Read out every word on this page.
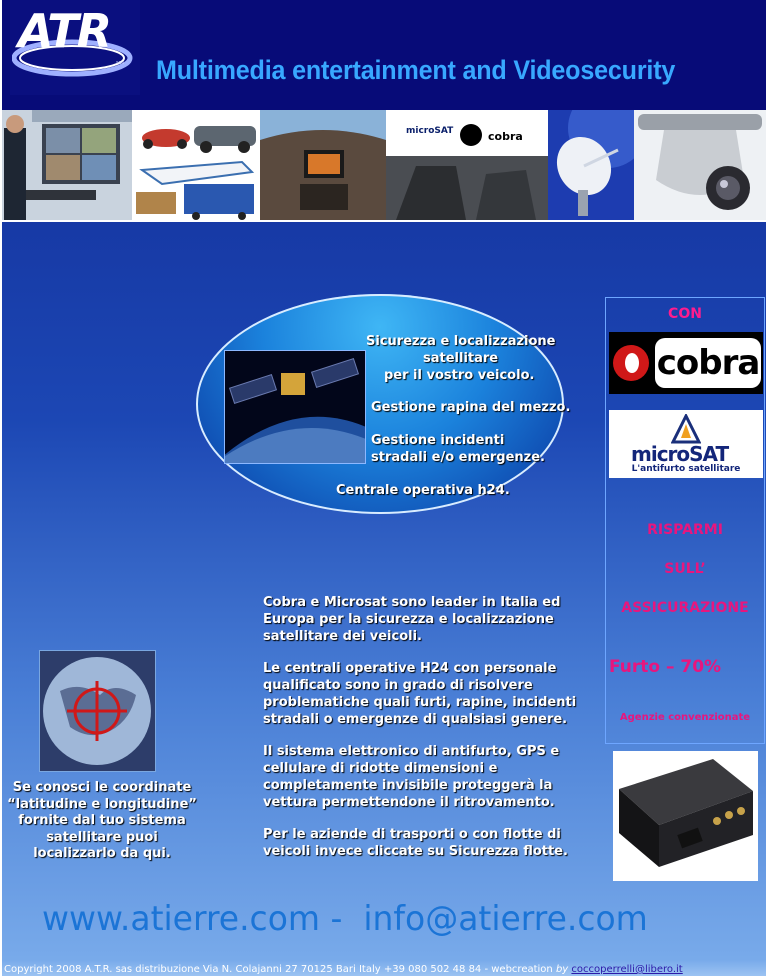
ATR
sas Multimedia entertainment and Videosecurity
microSAT	cobra
Sicurezza e localizzazione
satellitare
per il vostro veicolo.
Gestione rapina del mezzo.
Gestione incidenti
stradali e/o emergenze.
Centrale operativa h24.
CON
cobra
microSAT
L'antifurto satellitare
RISPARMI
SULL’
ASSICURAZIONE
Furto – 70%
Agenzie convenzionate
Se conosci le coordinate “latitudine e longitudine” fornite dal tuo sistema satellitare puoi localizzarlo da qui.
Cobra e Microsat sono leader in Italia ed Europa per la sicurezza e localizzazione satellitare dei veicoli.
Le centrali operative H24 con personale qualificato sono in grado di risolvere problematiche quali furti, rapine, incidenti stradali o emergenze di qualsiasi genere.
Il sistema elettronico di antifurto, GPS e cellulare di ridotte dimensioni e completamente invisibile proteggerà la vettura permettendone il ritrovamento.
Per le aziende di trasporti o con flotte di veicoli invece cliccate su Sicurezza flotte.
www.atierre.com -  info@atierre.com
Copyright 2008 A.T.R. sas distribuzione Via N. Colajanni 27 70125 Bari Italy +39 080 502 48 84 - webcreation by coccoperrelli@libero.it
